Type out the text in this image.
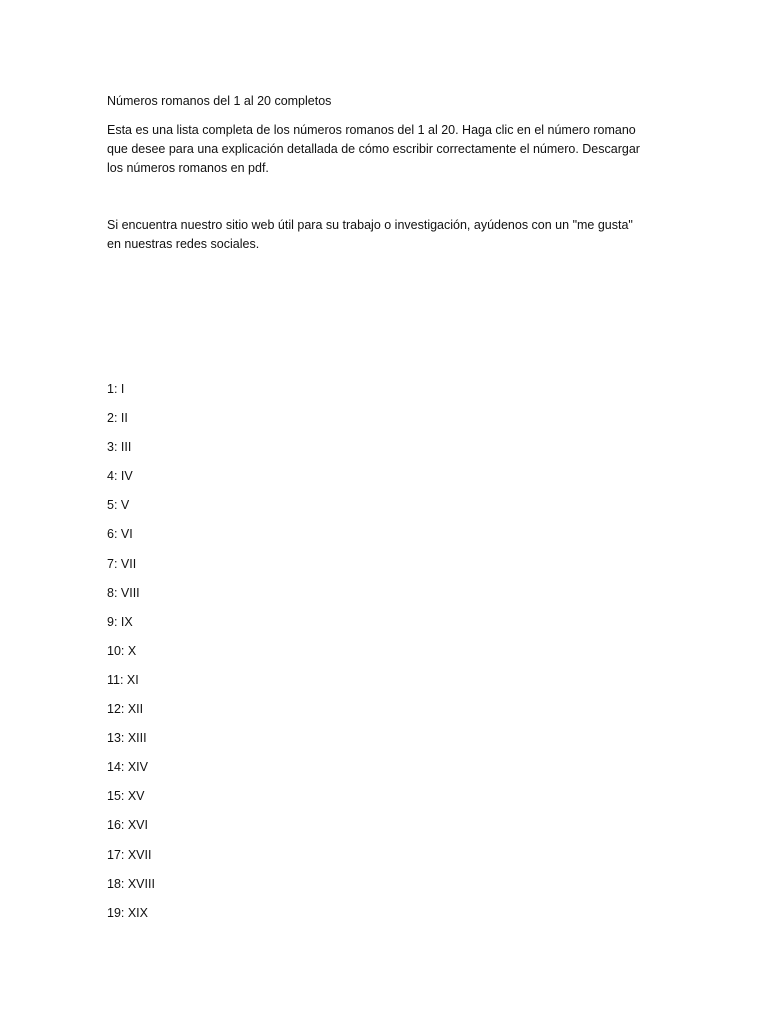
Números romanos del 1 al 20 completos
Esta es una lista completa de los números romanos del 1 al 20. Haga clic en el número romano que desee para una explicación detallada de cómo escribir correctamente el número. Descargar los números romanos en pdf.
Si encuentra nuestro sitio web útil para su trabajo o investigación, ayúdenos con un "me gusta" en nuestras redes sociales.
1: I
2: II
3: III
4: IV
5: V
6: VI
7: VII
8: VIII
9: IX
10: X
11: XI
12: XII
13: XIII
14: XIV
15: XV
16: XVI
17: XVII
18: XVIII
19: XIX
